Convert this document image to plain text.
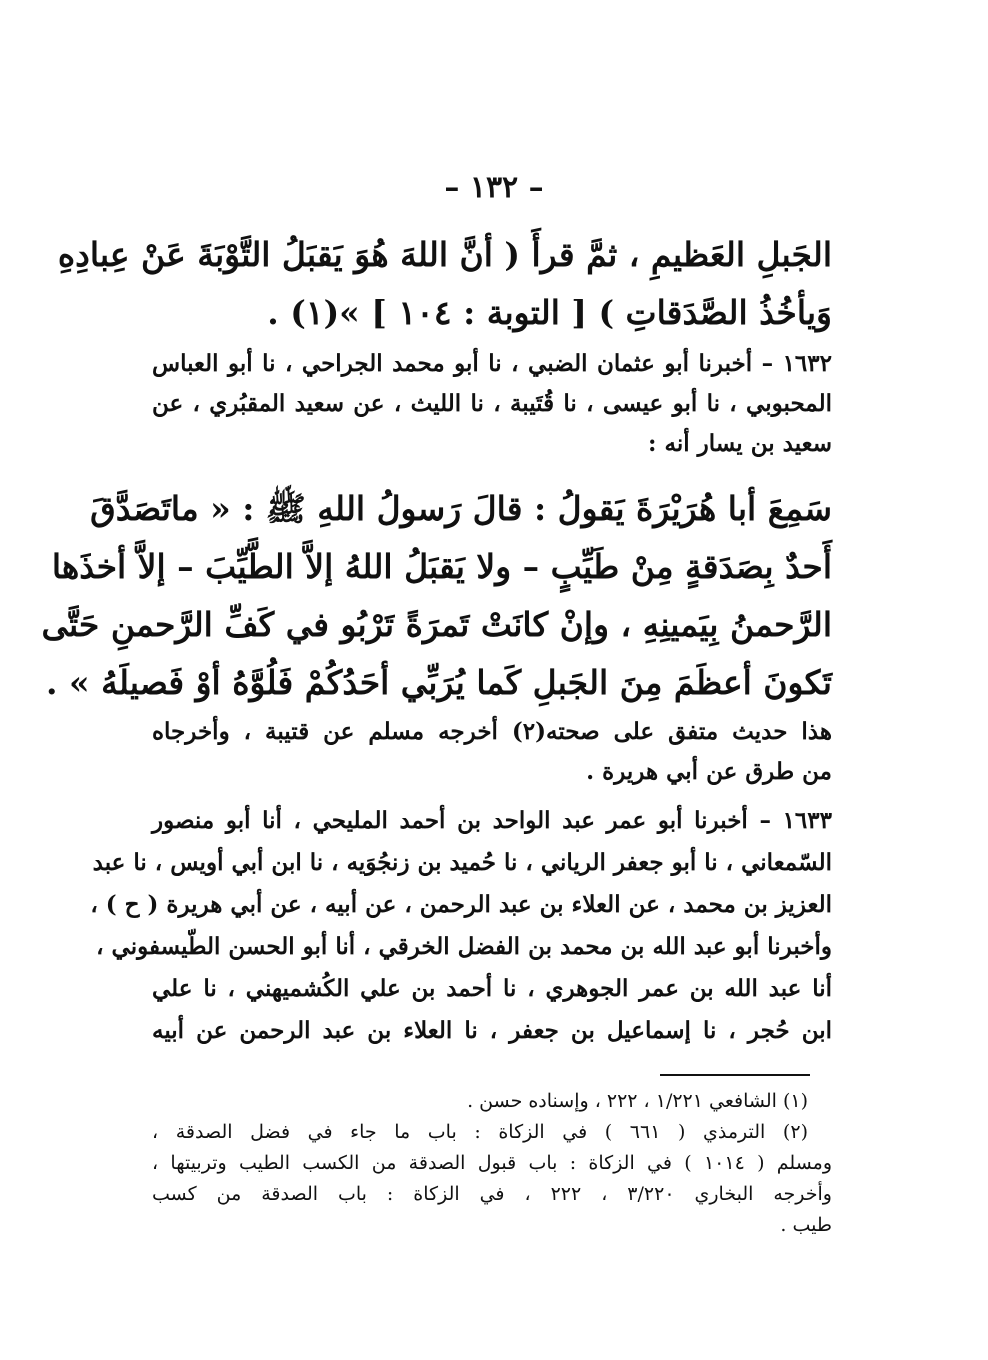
– ١٣٢ –
الجَبلِ العَظيمِ ، ثمَّ قرأَ ( أنَّ اللهَ هُوَ يَقبَلُ التَّوْبَةَ عَنْ عِبادِهِ
وَيأخُذُ الصَّدَقاتِ ) [ التوبة : ١٠٤ ] »(١) .
١٦٣٢ – أخبرنا أبو عثمان الضبي ، نا أبو محمد الجراحي ، نا أبو العباس
المحبوبي ، نا أبو عيسى ، نا قُتَيبة ، نا الليث ، عن سعيد المقبُري ، عن
سعيد بن يسار أنه :
سَمِعَ أبا هُرَيْرَةَ يَقولُ : قالَ رَسولُ اللهِ ﷺ : « ماتَصَدَّقَ
أَحدٌ بِصَدَقةٍ مِنْ طَيِّبٍ – ولا يَقبَلُ اللهُ إلاَّ الطَّيِّبَ – إلاَّ أخذَها
الرَّحمنُ بِيَمينِهِ ، وإنْ كانَتْ تَمرَةً تَرْبُو في كَفِّ الرَّحمنِ حَتَّى
تَكونَ أعظَمَ مِنَ الجَبلِ كَما يُرَبِّي أحَدُكُمْ فَلُوَّهُ أوْ فَصيلَهُ » .
هذا حديث متفق على صحته(٢) أخرجه مسلم عن قتيبة ، وأخرجاه
من طرق عن أبي هريرة .
١٦٣٣ – أخبرنا أبو عمر عبد الواحد بن أحمد المليحي ، أنا أبو منصور
السّمعاني ، نا أبو جعفر الرياني ، نا حُميد بن زنجُوَيه ، نا ابن أبي أويس ، نا عبد
العزيز بن محمد ، عن العلاء بن عبد الرحمن ، عن أبيه ، عن أبي هريرة ( ح ) ،
وأخبرنا أبو عبد الله بن محمد بن الفضل الخرقي ، أنا أبو الحسن الطّيسفوني ،
أنا عبد الله بن عمر الجوهري ، نا أحمد بن علي الكُشميهني ، نا علي
ابن حُجر ، نا إسماعيل بن جعفر ، نا العلاء بن عبد الرحمن عن أبيه
(١) الشافعي ١/٢٢١ ، ٢٢٢ ، وإسناده حسن .
(٢) الترمذي ( ٦٦١ ) في الزكاة : باب ما جاء في فضل الصدقة ،
ومسلم ( ١٠١٤ ) في الزكاة : باب قبول الصدقة من الكسب الطيب وتربيتها ،
وأخرجه البخاري ٣/٢٢٠ ، ٢٢٢ ، في الزكاة : باب الصدقة من كسب
طيب .
